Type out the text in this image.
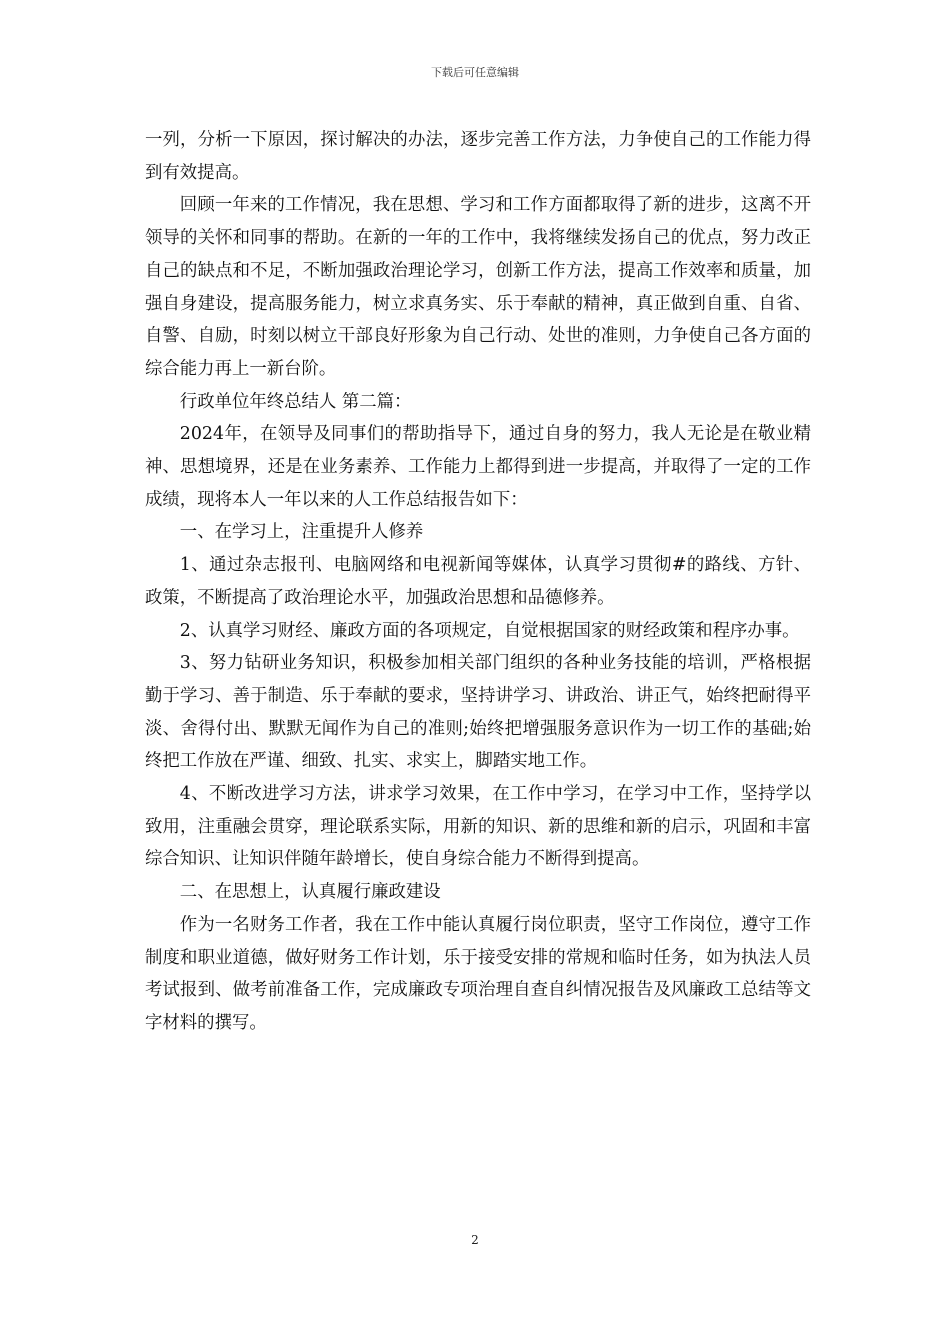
下载后可任意编辑

一列，分析一下原因，探讨解决的办法，逐步完善工作方法，力争使自己的工作能力得到有效提高。

回顾一年来的工作情况，我在思想、学习和工作方面都取得了新的进步，这离不开领导的关怀和同事的帮助。在新的一年的工作中，我将继续发扬自己的优点，努力改正自己的缺点和不足，不断加强政治理论学习，创新工作方法，提高工作效率和质量，加强自身建设，提高服务能力，树立求真务实、乐于奉献的精神，真正做到自重、自省、自警、自励，时刻以树立干部良好形象为自己行动、处世的准则，力争使自己各方面的综合能力再上一新台阶。

行政单位年终总结人 第二篇：

2024年，在领导及同事们的帮助指导下，通过自身的努力，我人无论是在敬业精神、思想境界，还是在业务素养、工作能力上都得到进一步提高，并取得了一定的工作成绩，现将本人一年以来的人工作总结报告如下：

一、在学习上，注重提升人修养

1、通过杂志报刊、电脑网络和电视新闻等媒体，认真学习贯彻#的路线、方针、政策，不断提高了政治理论水平，加强政治思想和品德修养。

2、认真学习财经、廉政方面的各项规定，自觉根据国家的财经政策和程序办事。

3、努力钻研业务知识，积极参加相关部门组织的各种业务技能的培训，严格根据勤于学习、善于制造、乐于奉献的要求，坚持讲学习、讲政治、讲正气，始终把耐得平淡、舍得付出、默默无闻作为自己的准则;始终把增强服务意识作为一切工作的基础;始终把工作放在严谨、细致、扎实、求实上，脚踏实地工作。

4、不断改进学习方法，讲求学习效果，在工作中学习，在学习中工作，坚持学以致用，注重融会贯穿，理论联系实际，用新的知识、新的思维和新的启示，巩固和丰富综合知识、让知识伴随年龄增长，使自身综合能力不断得到提高。

二、在思想上，认真履行廉政建设

作为一名财务工作者，我在工作中能认真履行岗位职责，坚守工作岗位，遵守工作制度和职业道德，做好财务工作计划，乐于接受安排的常规和临时任务，如为执法人员考试报到、做考前准备工作，完成廉政专项治理自查自纠情况报告及风廉政工总结等文字材料的撰写。

2
